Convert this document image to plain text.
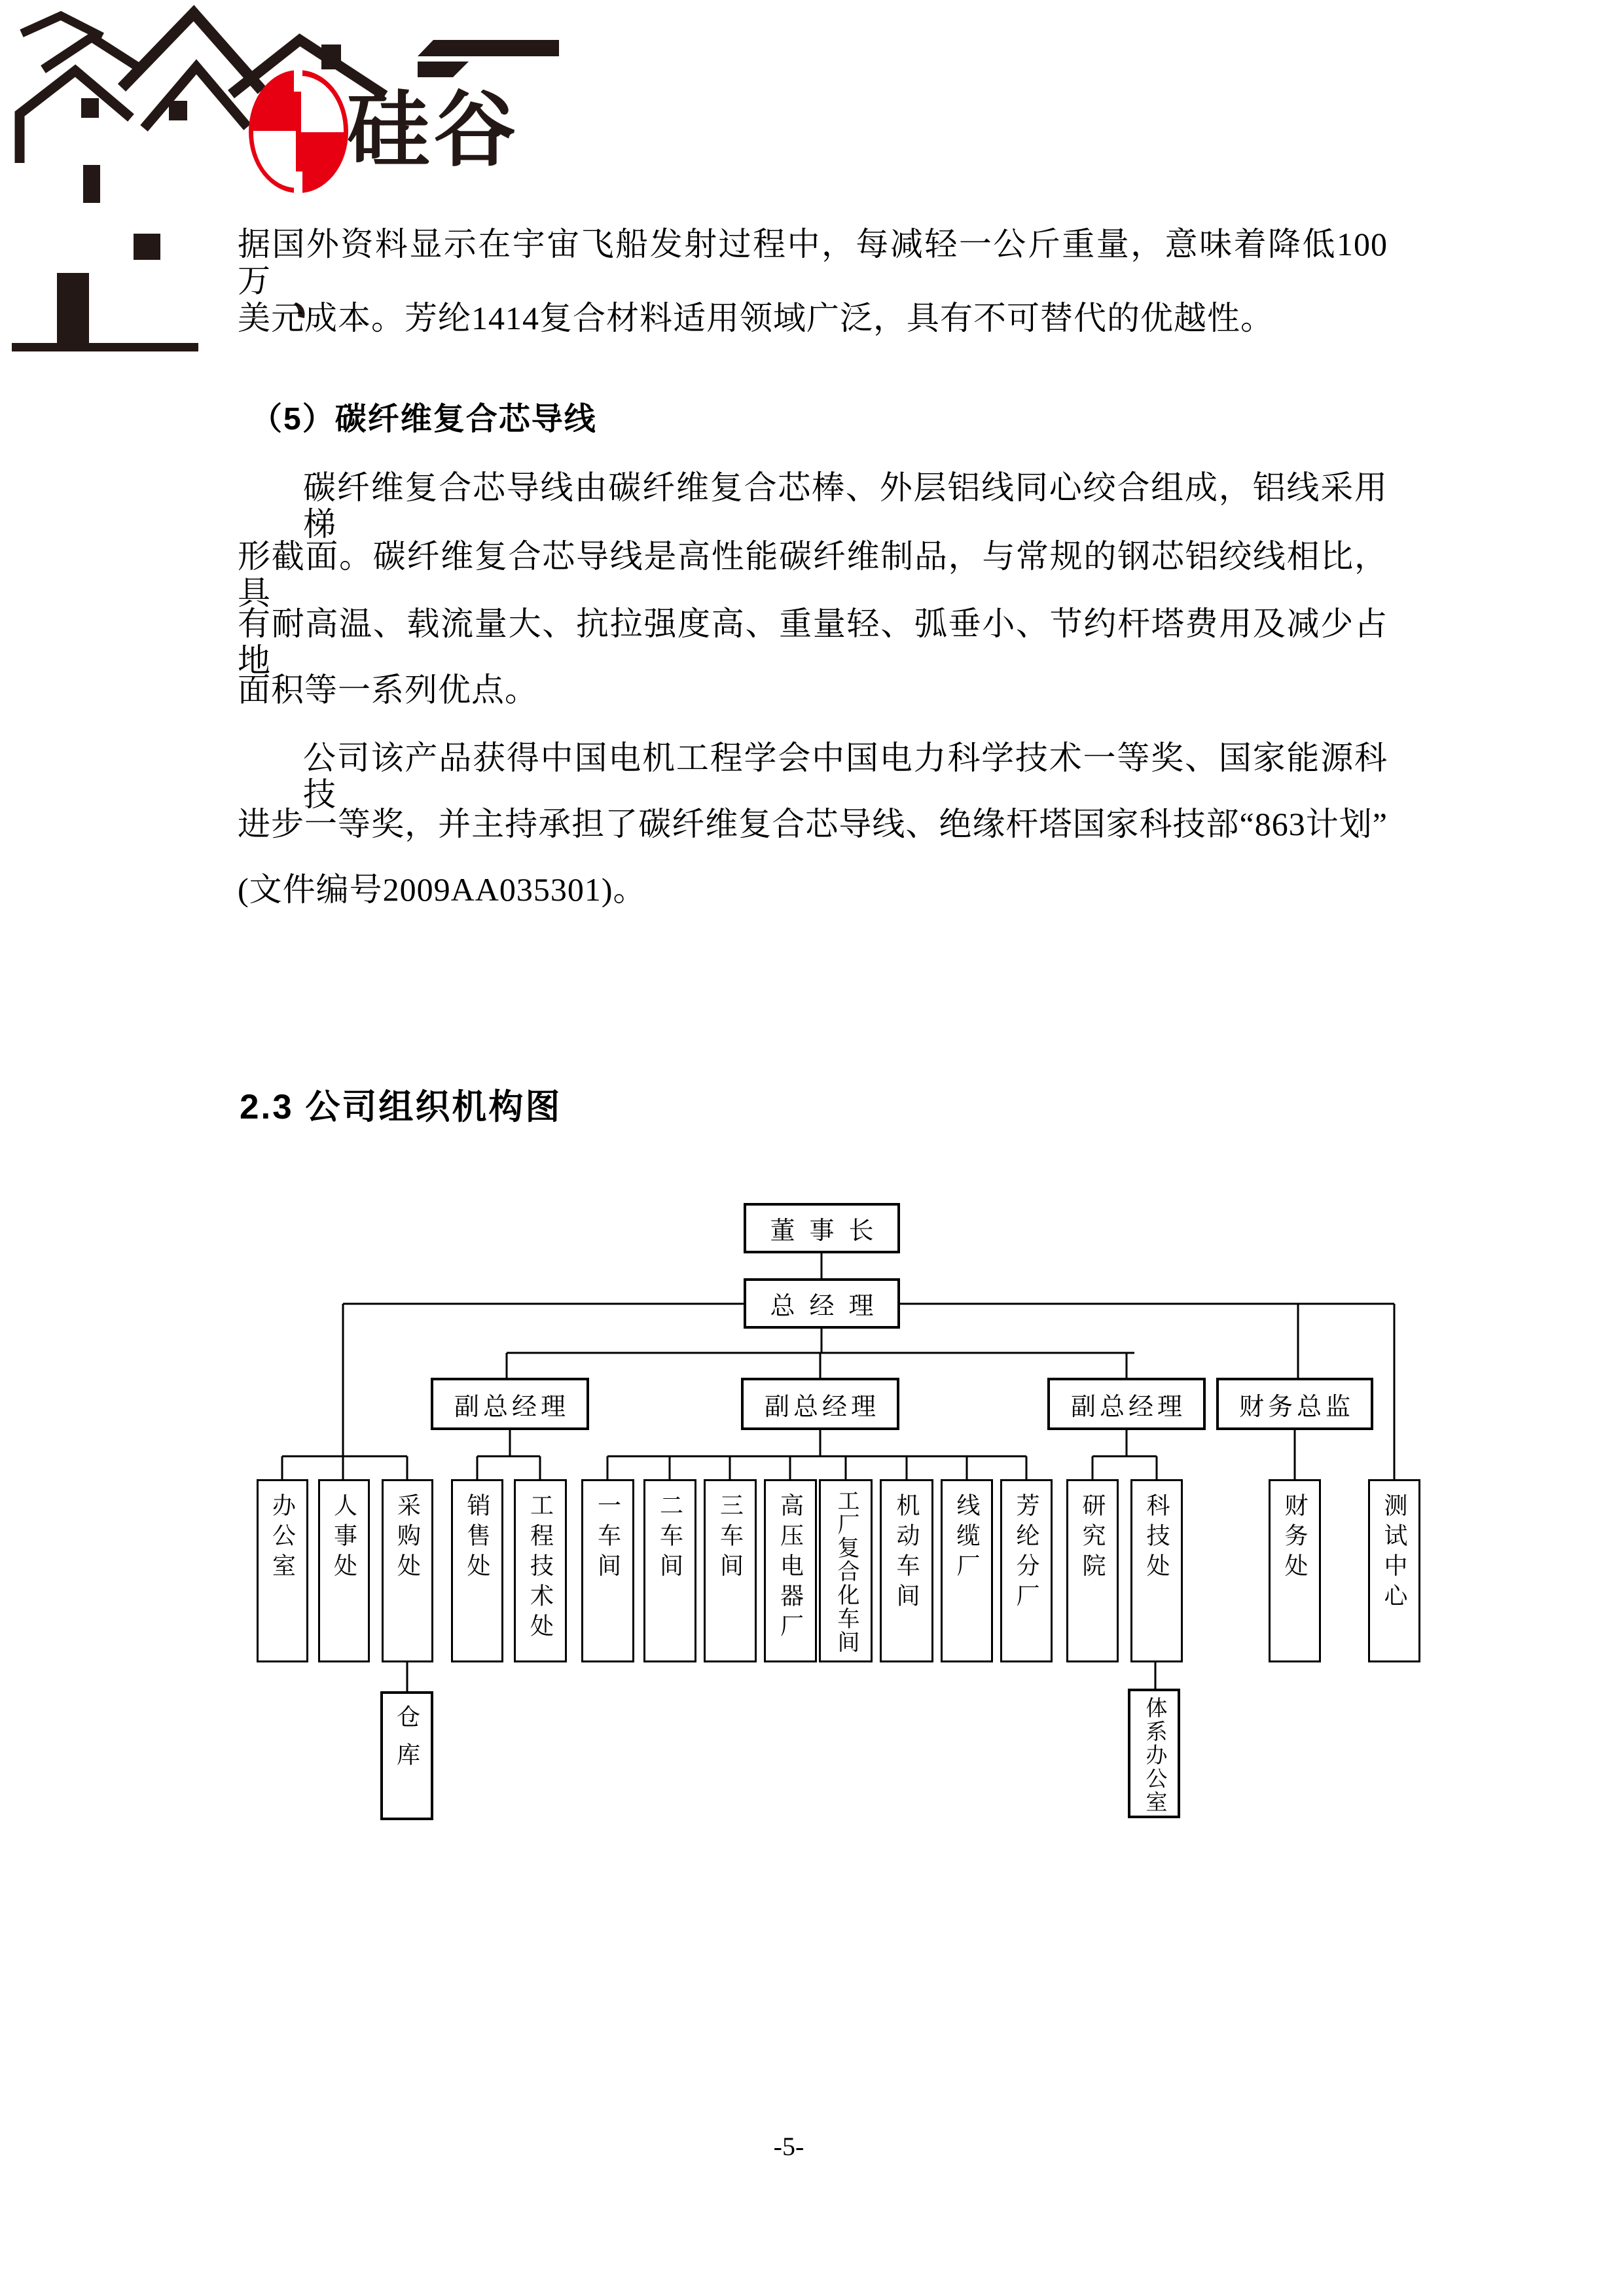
硅谷
据国外资料显示在宇宙飞船发射过程中，每减轻一公斤重量，意味着降低100万
美元成本。芳纶1414复合材料适用领域广泛，具有不可替代的优越性。
（5）碳纤维复合芯导线
碳纤维复合芯导线由碳纤维复合芯棒、外层铝线同心绞合组成，铝线采用梯
形截面。碳纤维复合芯导线是高性能碳纤维制品，与常规的钢芯铝绞线相比，具
有耐高温、载流量大、抗拉强度高、重量轻、弧垂小、节约杆塔费用及减少占地
面积等一系列优点。
公司该产品获得中国电机工程学会中国电力科学技术一等奖、国家能源科技
进步一等奖，并主持承担了碳纤维复合芯导线、绝缘杆塔国家科技部“863计划”
(文件编号2009AA035301)。
2.3 公司组织机构图
董事长
总经理
副总经理	副总经理	副总经理 财务总监
办公室 人事处 采购处 销售处 工程技术处 一车间 二车间 三车间 高压电器厂 工厂复合化车间 机动车间 线缆厂 芳纶分厂 研究院 科技处	财务处	测试中心
仓库	体系办公室
-5-
